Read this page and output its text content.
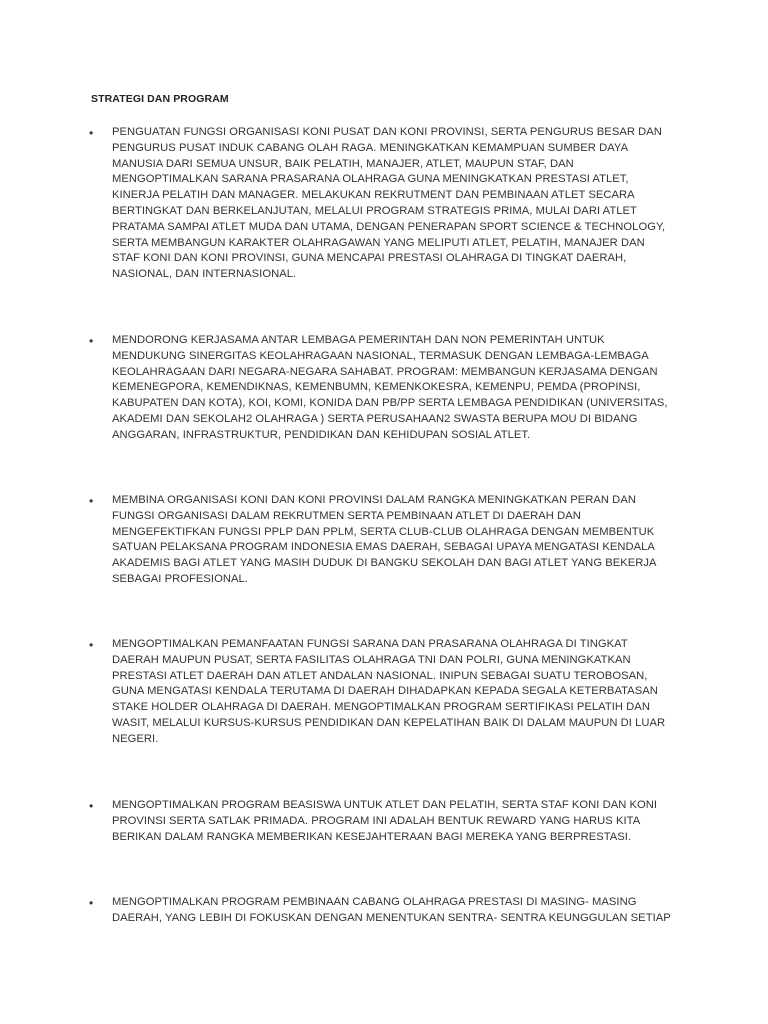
STRATEGI DAN PROGRAM
• PENGUATAN FUNGSI ORGANISASI KONI PUSAT DAN KONI PROVINSI, SERTA PENGURUS BESAR DAN
PENGURUS PUSAT INDUK CABANG OLAH RAGA. MENINGKATKAN KEMAMPUAN SUMBER DAYA
MANUSIA DARI SEMUA UNSUR, BAIK PELATIH, MANAJER, ATLET, MAUPUN STAF, DAN
MENGOPTIMALKAN SARANA PRASARANA OLAHRAGA GUNA MENINGKATKAN PRESTASI ATLET,
KINERJA PELATIH DAN MANAGER. MELAKUKAN REKRUTMENT DAN PEMBINAAN ATLET SECARA
BERTINGKAT DAN BERKELANJUTAN, MELALUI PROGRAM STRATEGIS PRIMA, MULAI DARI ATLET
PRATAMA SAMPAI ATLET MUDA DAN UTAMA, DENGAN PENERAPAN SPORT SCIENCE & TECHNOLOGY,
SERTA MEMBANGUN KARAKTER OLAHRAGAWAN YANG MELIPUTI ATLET, PELATIH, MANAJER DAN
STAF KONI DAN KONI PROVINSI, GUNA MENCAPAI PRESTASI OLAHRAGA DI TINGKAT DAERAH,
NASIONAL, DAN INTERNASIONAL.
• MENDORONG KERJASAMA ANTAR LEMBAGA PEMERINTAH DAN NON PEMERINTAH UNTUK
MENDUKUNG SINERGITAS KEOLAHRAGAAN NASIONAL, TERMASUK DENGAN LEMBAGA-LEMBAGA
KEOLAHRAGAAN DARI NEGARA-NEGARA SAHABAT. PROGRAM: MEMBANGUN KERJASAMA DENGAN
KEMENEGPORA, KEMENDIKNAS, KEMENBUMN, KEMENKOKESRA, KEMENPU, PEMDA (PROPINSI,
KABUPATEN DAN KOTA), KOI, KOMI, KONIDA DAN PB/PP SERTA LEMBAGA PENDIDIKAN (UNIVERSITAS,
AKADEMI DAN SEKOLAH2 OLAHRAGA ) SERTA PERUSAHAAN2 SWASTA BERUPA MOU DI BIDANG
ANGGARAN, INFRASTRUKTUR, PENDIDIKAN DAN KEHIDUPAN SOSIAL ATLET.
• MEMBINA ORGANISASI KONI DAN KONI PROVINSI DALAM RANGKA MENINGKATKAN PERAN DAN
FUNGSI ORGANISASI DALAM REKRUTMEN SERTA PEMBINAAN ATLET DI DAERAH DAN
MENGEFEKTIFKAN FUNGSI PPLP DAN PPLM, SERTA CLUB-CLUB OLAHRAGA DENGAN MEMBENTUK
SATUAN PELAKSANA PROGRAM INDONESIA EMAS DAERAH, SEBAGAI UPAYA MENGATASI KENDALA
AKADEMIS BAGI ATLET YANG MASIH DUDUK DI BANGKU SEKOLAH DAN BAGI ATLET YANG BEKERJA
SEBAGAI PROFESIONAL.
• MENGOPTIMALKAN PEMANFAATAN FUNGSI SARANA DAN PRASARANA OLAHRAGA DI TINGKAT
DAERAH MAUPUN PUSAT, SERTA FASILITAS OLAHRAGA TNI DAN POLRI, GUNA MENINGKATKAN
PRESTASI ATLET DAERAH DAN ATLET ANDALAN NASIONAL. INIPUN SEBAGAI SUATU TEROBOSAN,
GUNA MENGATASI KENDALA TERUTAMA DI DAERAH DIHADAPKAN KEPADA SEGALA KETERBATASAN
STAKE HOLDER OLAHRAGA DI DAERAH. MENGOPTIMALKAN PROGRAM SERTIFIKASI PELATIH DAN
WASIT, MELALUI KURSUS-KURSUS PENDIDIKAN DAN KEPELATIHAN BAIK DI DALAM MAUPUN DI LUAR
NEGERI.
• MENGOPTIMALKAN PROGRAM BEASISWA UNTUK ATLET DAN PELATIH, SERTA STAF KONI DAN KONI
PROVINSI SERTA SATLAK PRIMADA. PROGRAM INI ADALAH BENTUK REWARD YANG HARUS KITA
BERIKAN DALAM RANGKA MEMBERIKAN KESEJAHTERAAN BAGI MEREKA YANG BERPRESTASI.
• MENGOPTIMALKAN PROGRAM PEMBINAAN CABANG OLAHRAGA PRESTASI DI MASING- MASING
DAERAH, YANG LEBIH DI FOKUSKAN DENGAN MENENTUKAN SENTRA- SENTRA KEUNGGULAN SETIAP
